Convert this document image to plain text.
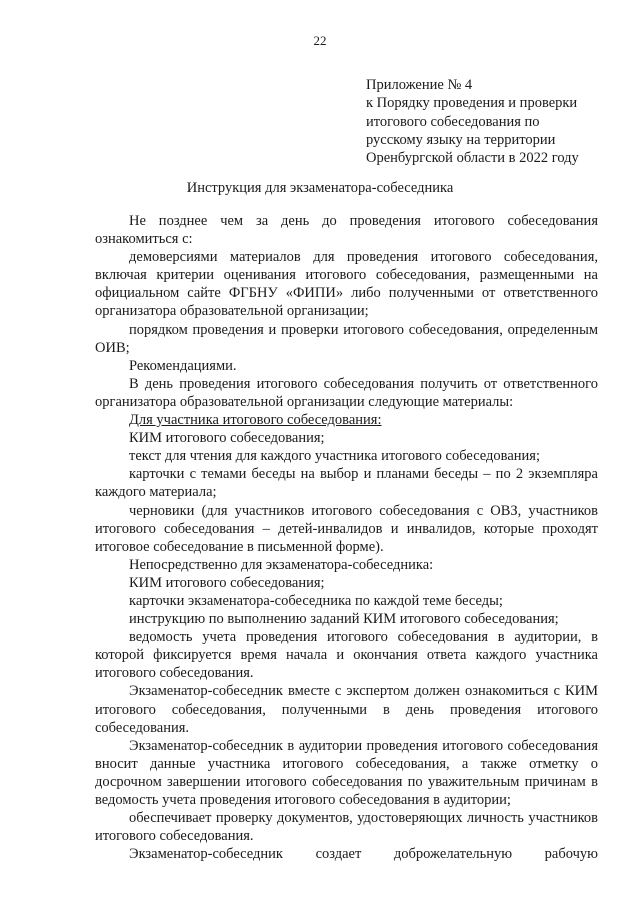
22
Приложение № 4
к Порядку проведения и проверки
итогового собеседования по
русскому языку на территории
Оренбургской области в 2022 году
Инструкция для экзаменатора-собеседника

Не позднее чем за день до проведения итогового собеседования ознакомиться с:

демоверсиями материалов для проведения итогового собеседования, включая критерии оценивания итогового собеседования, размещенными на официальном сайте ФГБНУ «ФИПИ» либо полученными от ответственного организатора образовательной организации;

порядком проведения и проверки итогового собеседования, определенным ОИВ;

Рекомендациями.

В день проведения итогового собеседования получить от ответственного организатора образовательной организации следующие материалы:

Для участника итогового собеседования:

КИМ итогового собеседования;

текст для чтения для каждого участника итогового собеседования;

карточки с темами беседы на выбор и планами беседы – по 2 экземпляра каждого материала;

черновики (для участников итогового собеседования с ОВЗ, участников итогового собеседования – детей-инвалидов и инвалидов, которые проходят итоговое собеседование в письменной форме).

Непосредственно для экзаменатора-собеседника:

КИМ итогового собеседования;

карточки экзаменатора-собеседника по каждой теме беседы;

инструкцию по выполнению заданий КИМ итогового собеседования;

ведомость учета проведения итогового собеседования в аудитории, в которой фиксируется время начала и окончания ответа каждого участника итогового собеседования.

Экзаменатор-собеседник вместе с экспертом должен ознакомиться с КИМ итогового собеседования, полученными в день проведения итогового собеседования.

Экзаменатор-собеседник в аудитории проведения итогового собеседования вносит данные участника итогового собеседования, а также отметку о досрочном завершении итогового собеседования по уважительным причинам в ведомость учета проведения итогового собеседования в аудитории;

обеспечивает проверку документов, удостоверяющих личность участников итогового собеседования.

Экзаменатор-собеседник создает доброжелательную рабочую
